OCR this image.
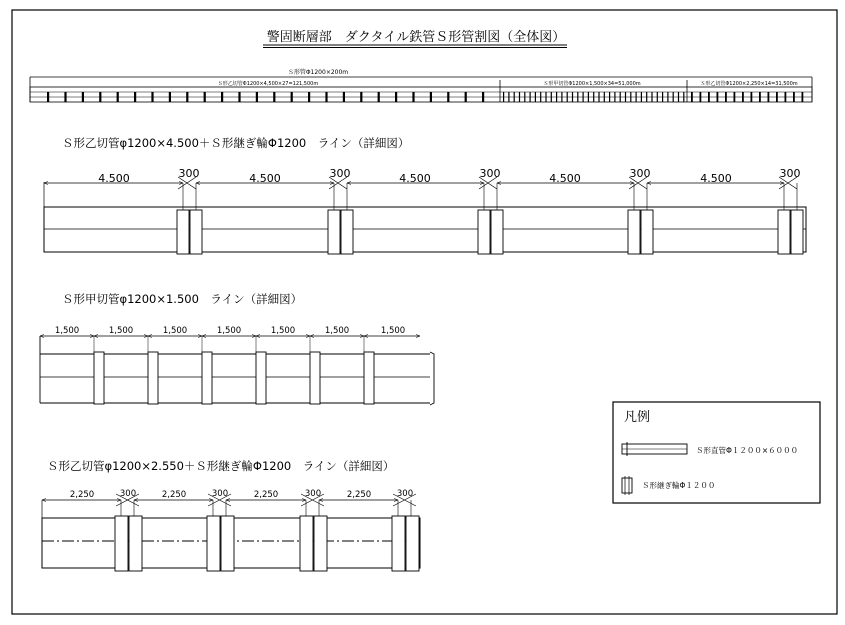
警固断層部　ダクタイル鉄管Ｓ形管割図（全体図）
Ｓ形管Φ1200×200m
Ｓ形乙切管Φ1200×4,500×27=121,500m	Ｓ形甲切管Φ1200×1,500×34=51,000m	Ｓ形乙切管Φ1200×2,250×14=31,500m
Ｓ形乙切管φ1200×4.500＋Ｓ形継ぎ輪Φ1200　ライン（詳細図）
4.500	4.500	4.500	4.500	4.500
300	300	300	300	300
Ｓ形甲切管φ1200×1.500　ライン（詳細図）
1,500	1,500	1,500	1,500	1,500	1,500	1,500
Ｓ形乙切管φ1200×2.550＋Ｓ形継ぎ輪Φ1200　ライン（詳細図）
2,250	2,250	2,250	2,250
300	300	300	300
凡例
Ｓ形直管Φ１２００×６０００
Ｓ形継ぎ輪Φ１２００
